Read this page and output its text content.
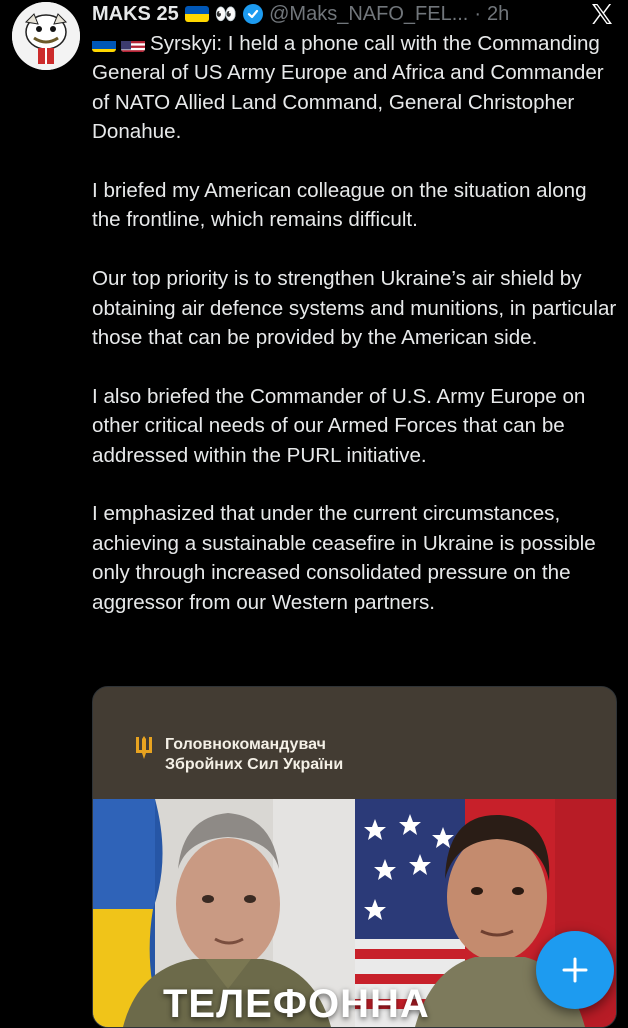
MAKS 25 👀 @Maks_NAFO_FEL... · 2h

Syrskyi: I held a phone call with the Commanding General of US Army Europe and Africa and Commander of NATO Allied Land Command, General Christopher Donahue.

I briefed my American colleague on the situation along the frontline, which remains difficult.

Our top priority is to strengthen Ukraine’s air shield by obtaining air defence systems and munitions, in particular those that can be provided by the American side.

I also briefed the Commander of U.S. Army Europe on other critical needs of our Armed Forces that can be addressed within the PURL initiative.

I emphasized that under the current circumstances, achieving a sustainable ceasefire in Ukraine is possible only through increased consolidated pressure on the aggressor from our Western partners.

Головнокомандувач
Збройних Сил України
ТЕЛЕФОННА
